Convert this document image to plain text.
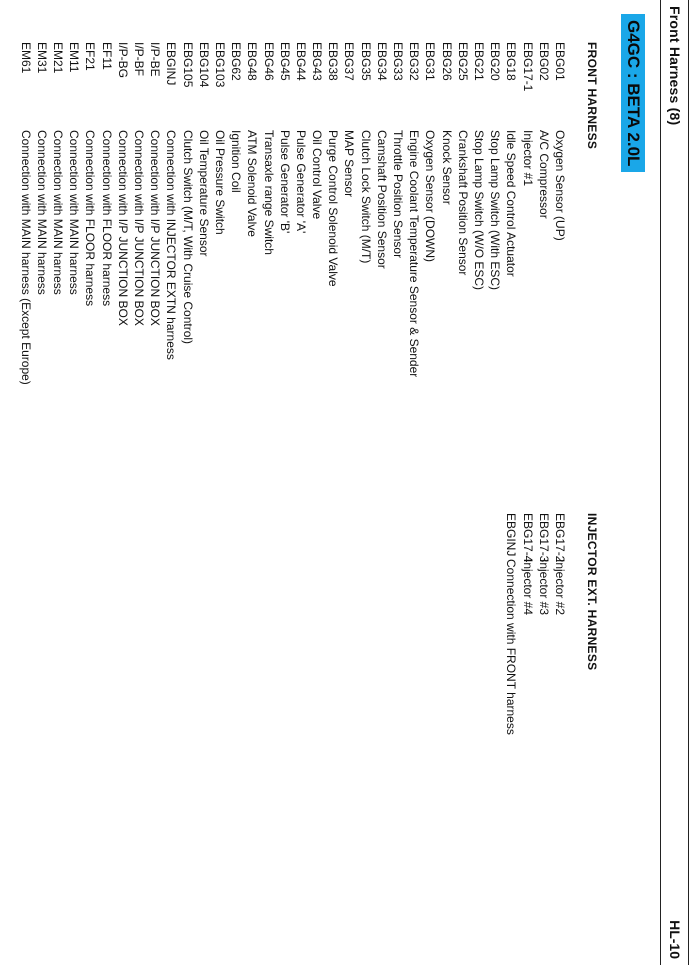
Front Harness (8)
HL-10
G4GC : BETA 2.0L
FRONT HARNESS
EBG01
Oxygen Sensor (UP)
EBG02
A/C Compressor
EBG17-1
Injector #1
EBG18
Idle Speed Control Actuator
EBG20
Stop Lamp Switch (With ESC)
EBG21
Stop Lamp Switch (W/O ESC)
EBG25
Crankshaft Position Sensor
EBG26
Knock Sensor
EBG31
Oxygen Sensor (DOWN)
EBG32
Engine Coolant Temperature Sensor & Sender
EBG33
Throttle Position Sensor
EBG34
Camshaft Position Sensor
EBG35
Clutch Lock Switch (M/T)
EBG37
MAP Sensor
EBG38
Purge Control Solenoid Valve
EBG43
Oil Control Valve
EBG44
Pulse Generator 'A'
EBG45
Pulse Generator 'B'
EBG46
Transaxle range Switch
EBG48
ATM Solenoid Valve
EBG62
Ignition Coil
EBG103
Oil Pressure Switch
EBG104
Oil Temperature Sensor
EBG105
Clutch Switch (M/T, With Cruise Control)
EBGINJ
Connection with INJECTOR EXTN harness
I/P-BE
Connection with I/P JUNCTION BOX
I/P-BF
Connection with I/P JUNCTION BOX
I/P-BG
Connection with I/P JUNCTION BOX
EF11
Connection with FLOOR harness
EF21
Connection with FLOOR harness
EM11
Connection with MAIN harness
EM21
Connection with MAIN harness
EM31
Connection with MAIN harness
EM61
Connection with MAIN harness (Except Europe)
INJECTOR EXT. HARNESS
EBG17-2
Injector #2
EBG17-3
Injector #3
EBG17-4
Injector #4
EBGINJ
Connection with FRONT harness
